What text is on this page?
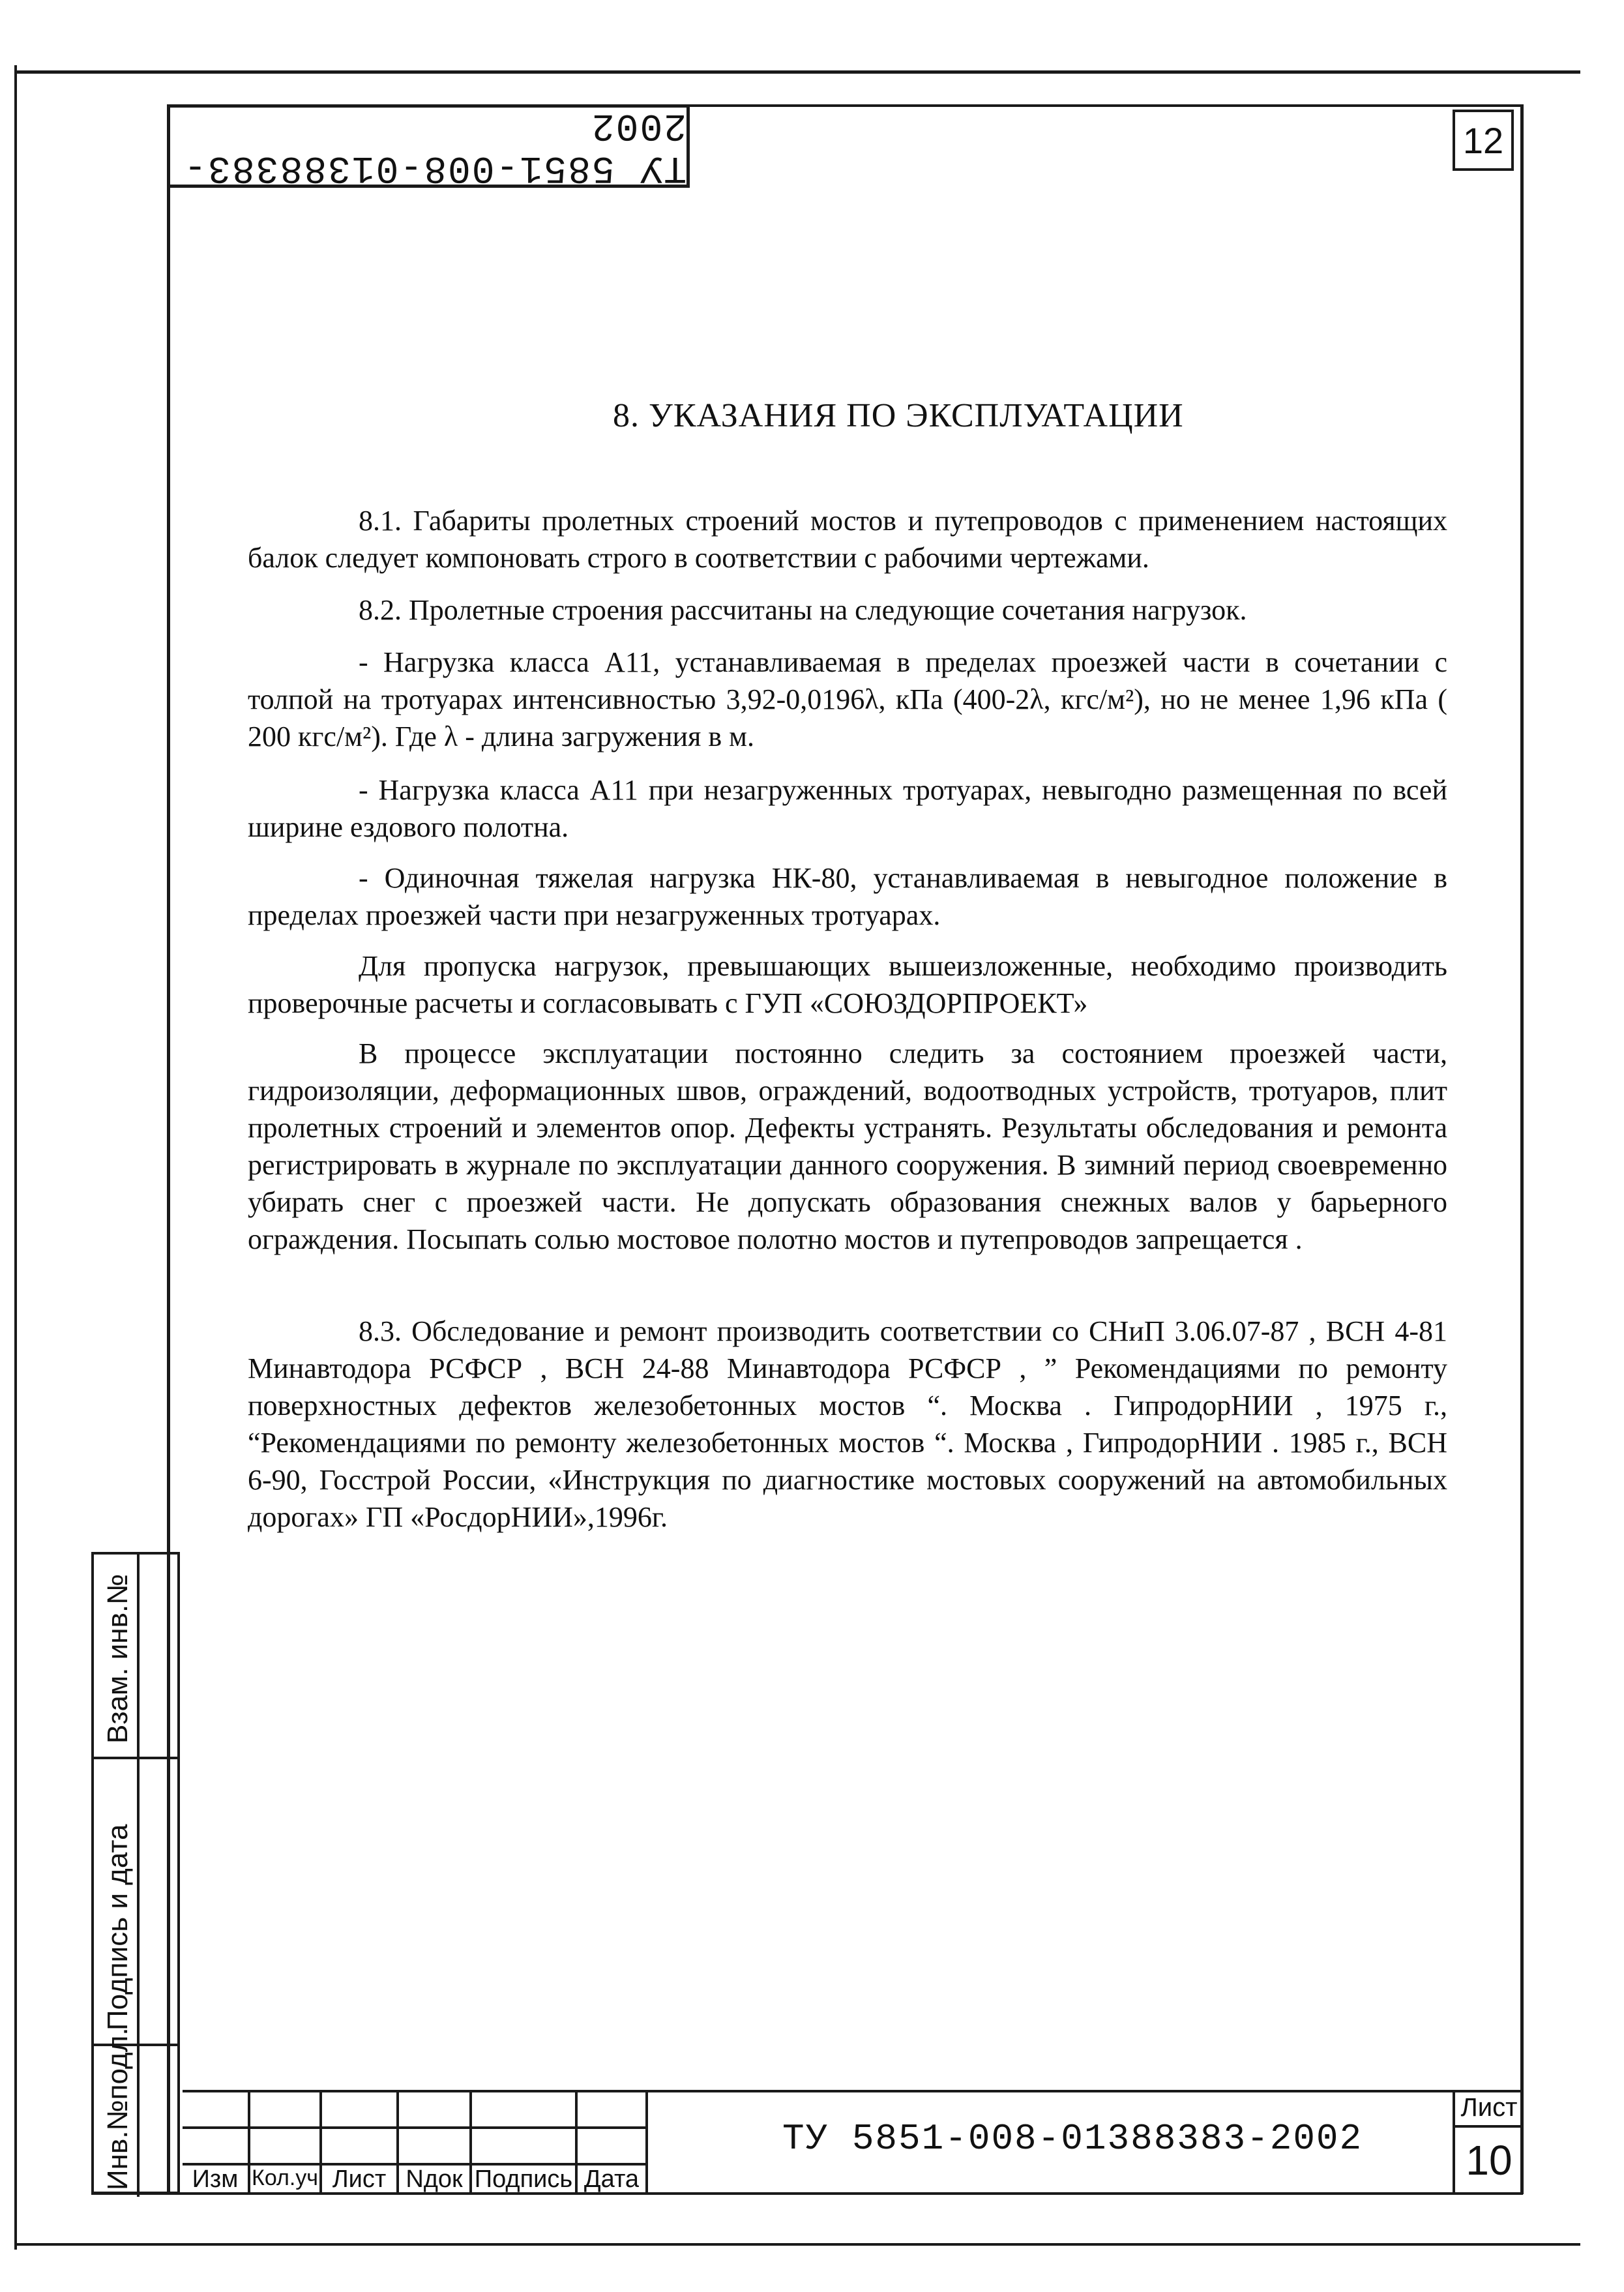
ТУ 5851-008-01388383-2002	12
8. УКАЗАНИЯ ПО ЭКСПЛУАТАЦИИ
8.1. Габариты пролетных строений мостов и путепроводов с применением настоящих балок следует компоновать строго в соответствии с рабочими чертежами.
8.2. Пролетные строения рассчитаны на следующие сочетания нагрузок.
- Нагрузка класса А11, устанавливаемая в пределах проезжей части в сочетании с толпой на тротуарах интенсивностью 3,92-0,0196λ, кПа (400-2λ, кгс/м²), но не менее 1,96 кПа ( 200 кгс/м²). Где λ - длина загружения в м.
- Нагрузка класса А11 при незагруженных тротуарах, невыгодно размещенная по всей ширине ездового полотна.
- Одиночная тяжелая нагрузка НК-80, устанавливаемая в невыгодное положение в пределах проезжей части при незагруженных тротуарах.
Для пропуска нагрузок, превышающих вышеизложенные, необходимо производить проверочные расчеты и согласовывать с ГУП «СОЮЗДОРПРОЕКТ»
В процессе эксплуатации постоянно следить за состоянием проезжей части, гидроизоляции, деформационных швов, ограждений, водоотводных устройств, тротуаров, плит пролетных строений и элементов опор. Дефекты устранять. Результаты обследования и ремонта регистрировать в журнале по эксплуатации данного сооружения. В зимний период своевременно убирать снег с проезжей части. Не допускать образования снежных валов у барьерного ограждения. Посыпать солью мостовое полотно мостов и путепроводов запрещается .
8.3. Обследование и ремонт производить соответствии со СНиП 3.06.07-87 , ВСН 4-81 Минавтодора РСФСР , ВСН 24-88 Минавтодора РСФСР , ” Рекомендациями по ремонту поверхностных дефектов железобетонных мостов “. Москва . ГипродорНИИ , 1975 г., “Рекомендациями по ремонту железобетонных мостов “. Москва , ГипродорНИИ . 1985 г., ВСН 6-90, Госстрой России, «Инструкция по диагностике мостовых сооружений на автомобильных дорогах» ГП «РосдорНИИ»,1996г.
Взам. инв.№
Подпись и дата
Инв.№подл.	Изм Кол.уч Лист Nдок Подпись Дата
ТУ 5851-008-01388383-2002
Лист
10
